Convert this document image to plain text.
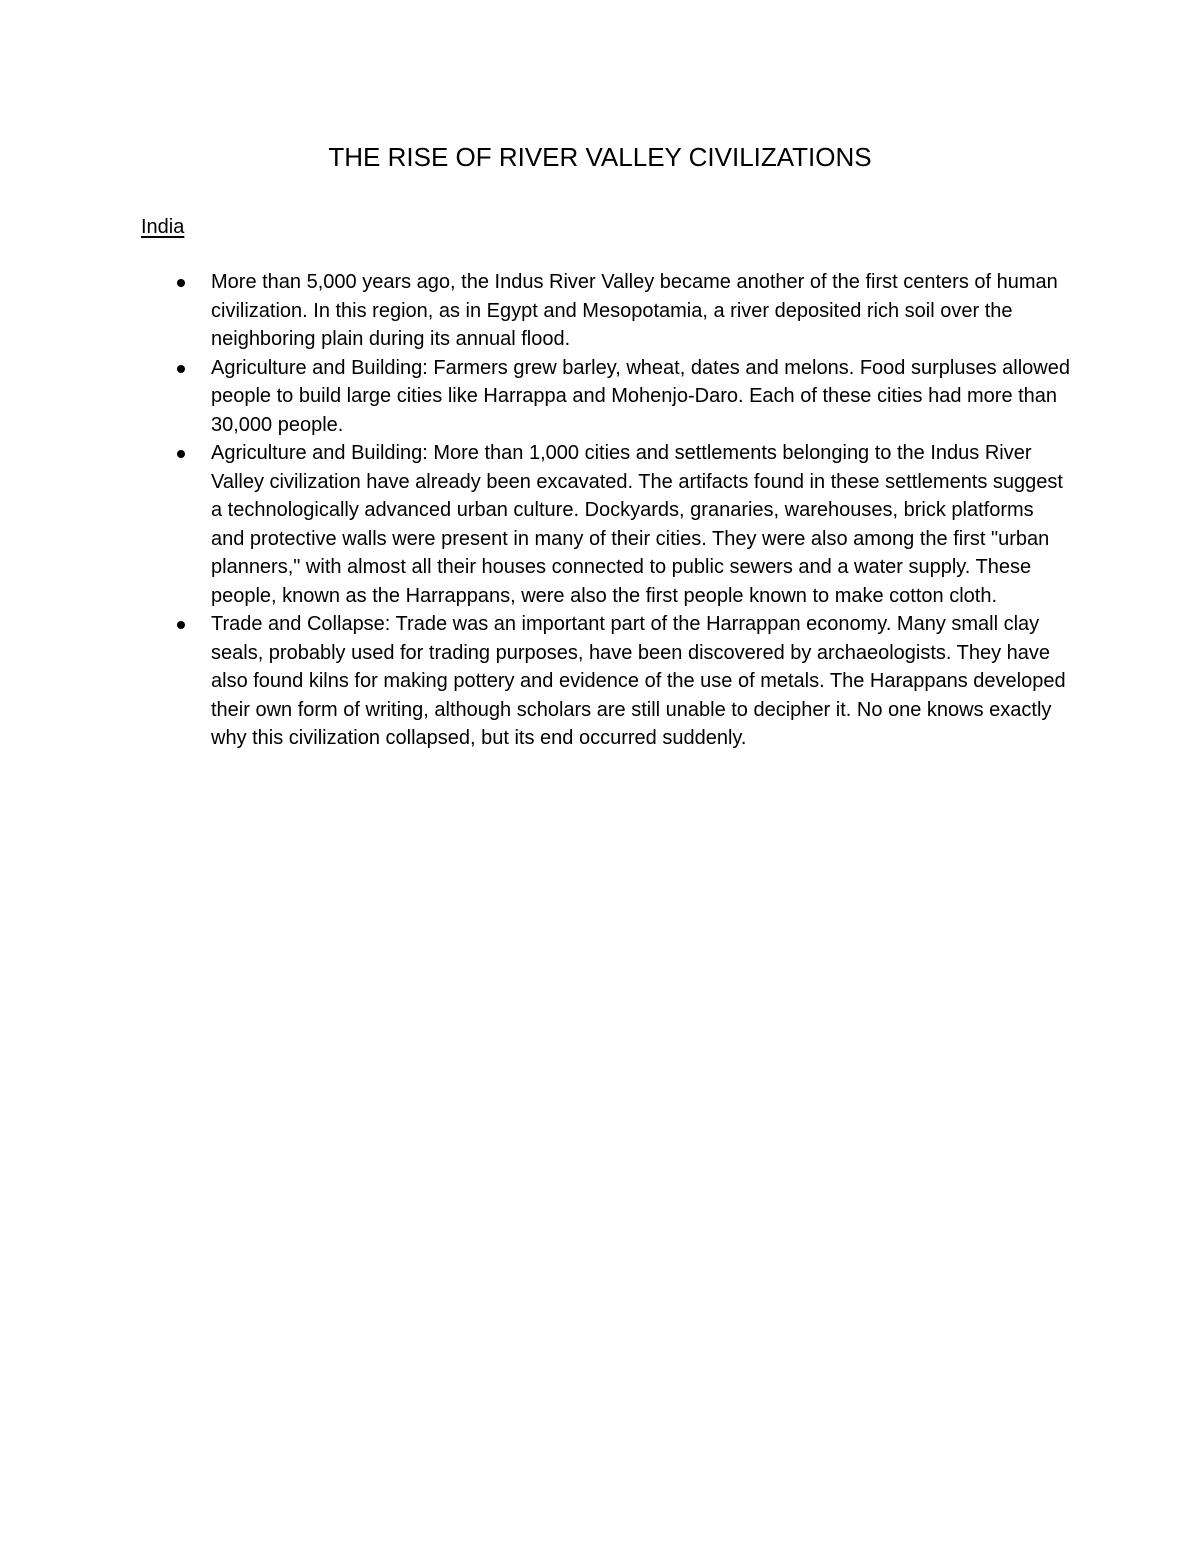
THE RISE OF RIVER VALLEY CIVILIZATIONS
India
More than 5,000 years ago, the Indus River Valley became another of the first centers of human civilization. In this region, as in Egypt and Mesopotamia, a river deposited rich soil over the neighboring plain during its annual flood.
Agriculture and Building: Farmers grew barley, wheat, dates and melons. Food surpluses allowed people to build large cities like Harrappa and Mohenjo-Daro. Each of these cities had more than 30,000 people.
Agriculture and Building: More than 1,000 cities and settlements belonging to the Indus River Valley civilization have already been excavated. The artifacts found in these settlements suggest a technologically advanced urban culture. Dockyards, granaries, warehouses, brick platforms and protective walls were present in many of their cities. They were also among the first "urban planners," with almost all their houses connected to public sewers and a water supply. These people, known as the Harrappans, were also the first people known to make cotton cloth.
Trade and Collapse: Trade was an important part of the Harrappan economy. Many small clay seals, probably used for trading purposes, have been discovered by archaeologists. They have also found kilns for making pottery and evidence of the use of metals. The Harappans developed their own form of writing, although scholars are still unable to decipher it. No one knows exactly why this civilization collapsed, but its end occurred suddenly.
